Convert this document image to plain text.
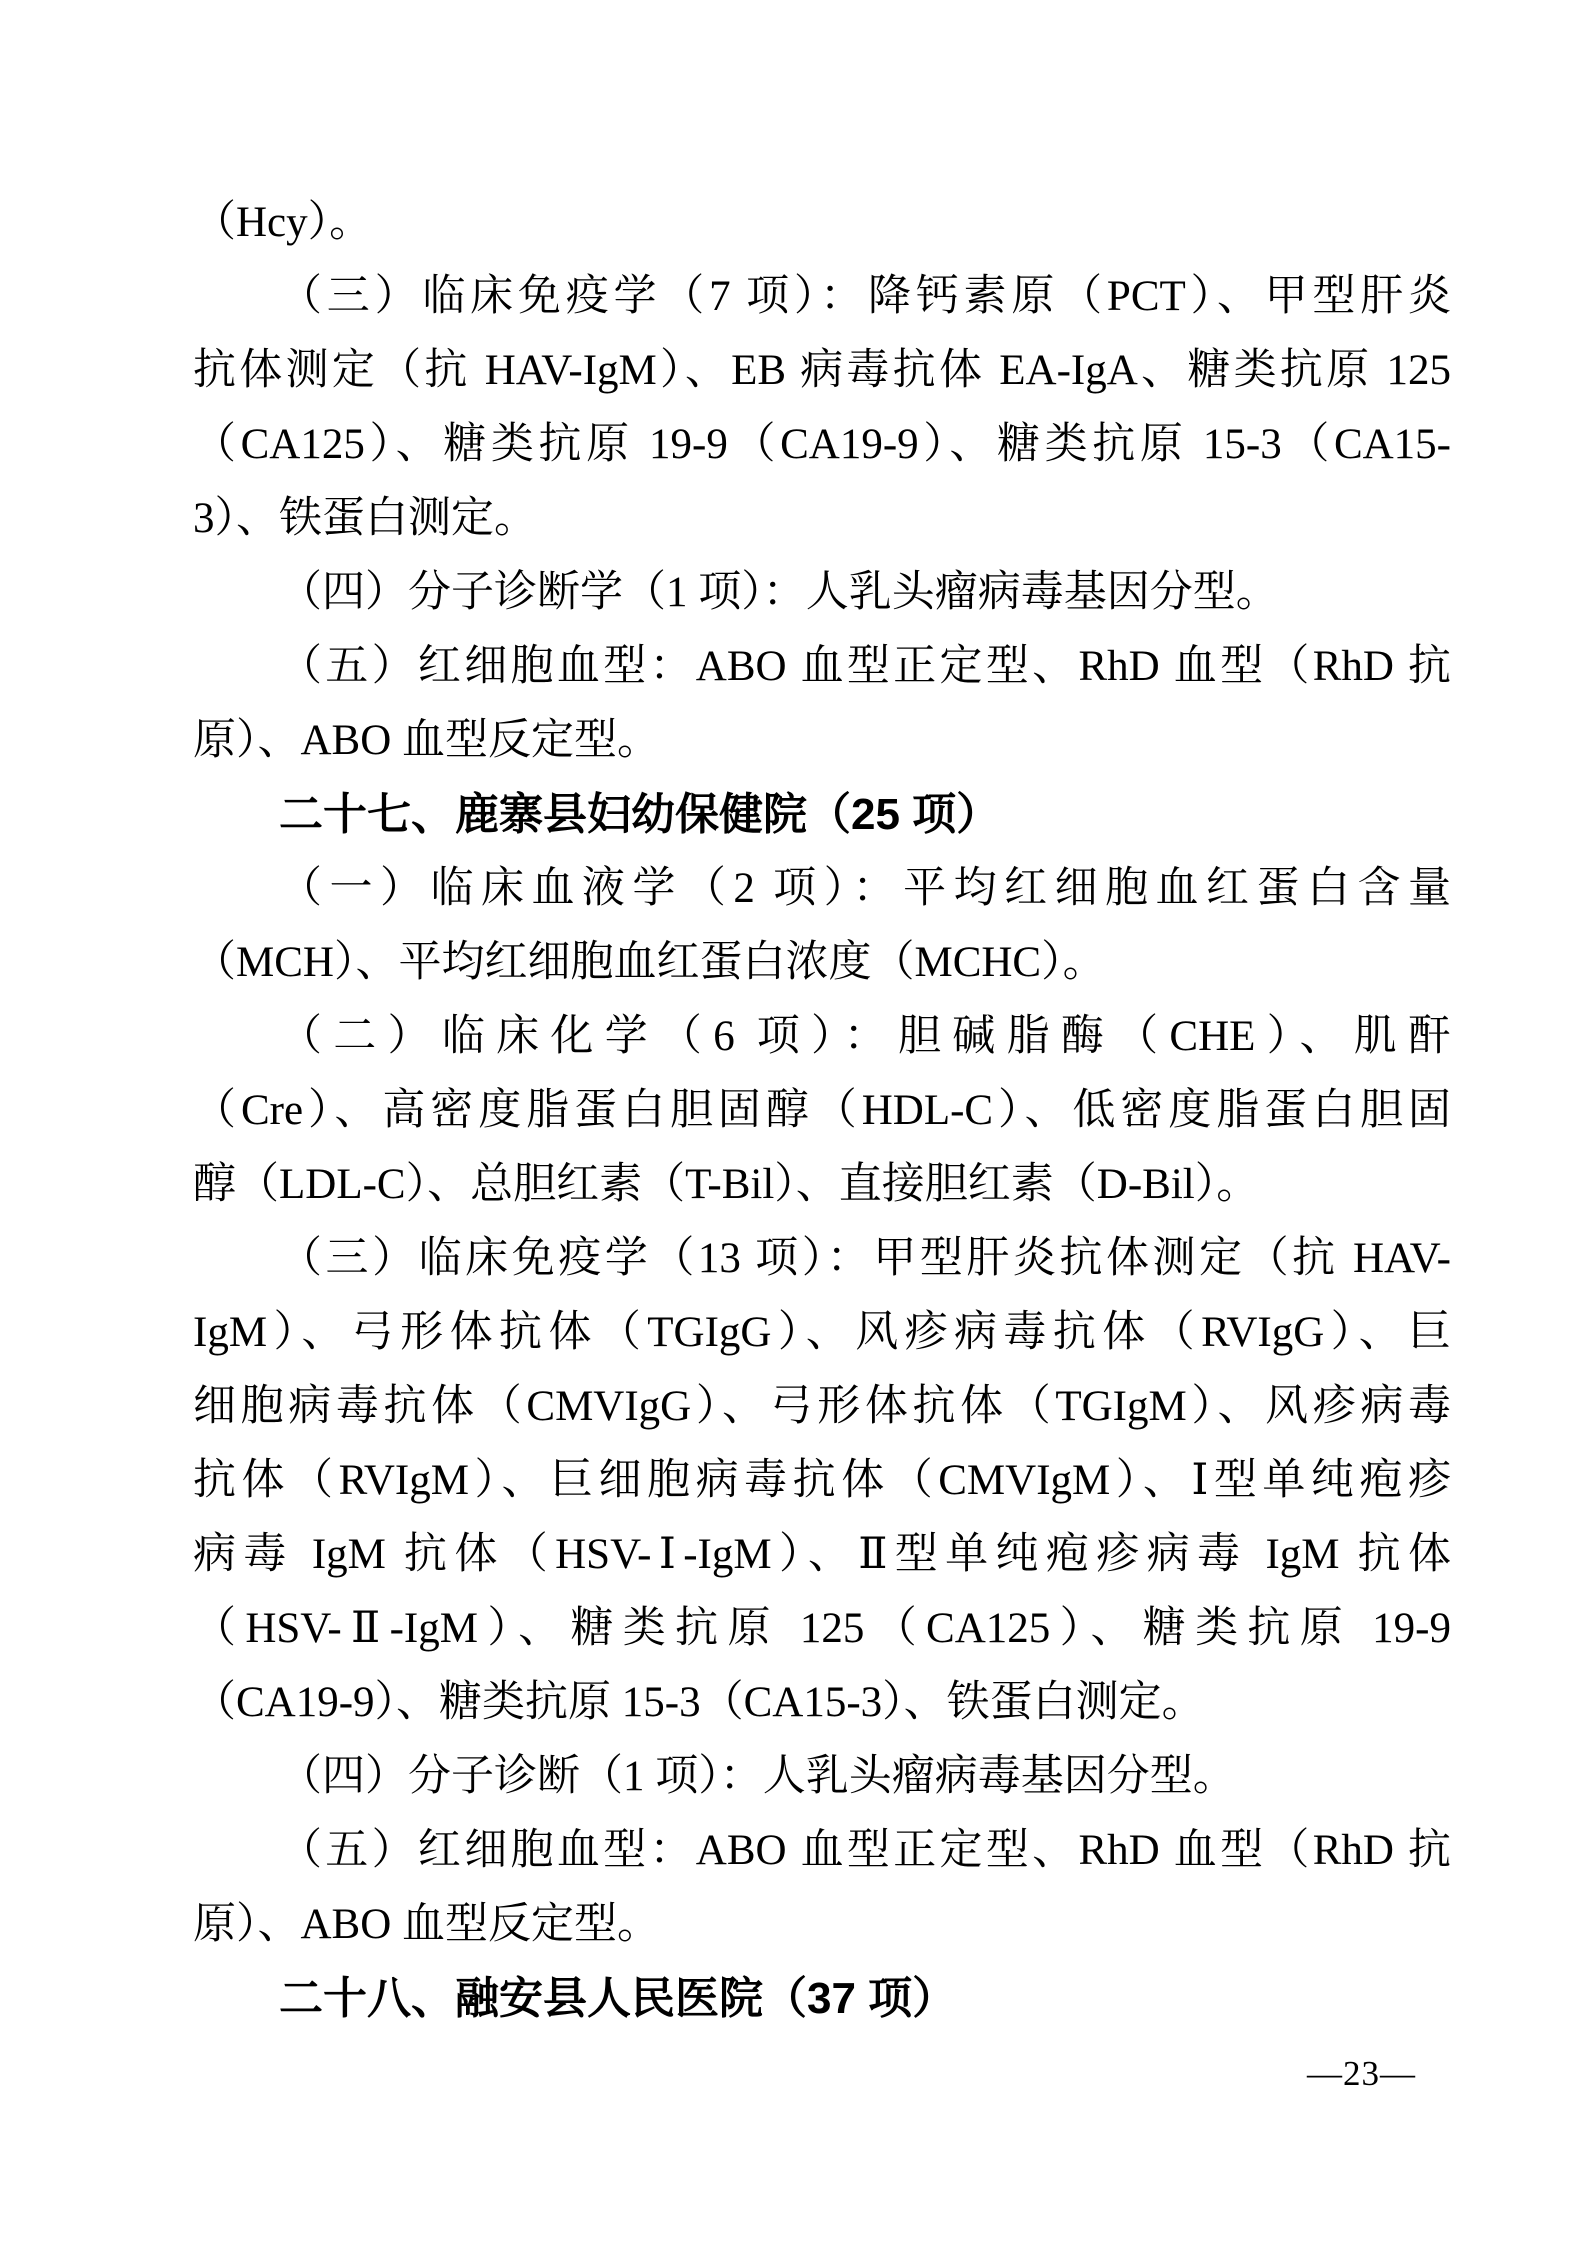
（Hcy）。
（三）临床免疫学（7 项）：降钙素原（PCT）、甲型肝炎
抗体测定（抗 HAV-IgM）、EB 病毒抗体 EA-IgA、糖类抗原 125
（CA125）、糖类抗原 19-9（CA19-9）、糖类抗原 15-3（CA15-
3）、铁蛋白测定。
（四）分子诊断学（1 项）：人乳头瘤病毒基因分型。
（五）红细胞血型：ABO 血型正定型、RhD 血型（RhD 抗
原）、ABO 血型反定型。
二十七、鹿寨县妇幼保健院（25 项）
（一）临床血液学（2 项）：平均红细胞血红蛋白含量
（MCH）、平均红细胞血红蛋白浓度（MCHC）。
（二）临床化学（6 项）：胆碱脂酶（CHE）、肌酐
（Cre）、高密度脂蛋白胆固醇（HDL-C）、低密度脂蛋白胆固
醇（LDL-C）、总胆红素（T-Bil）、直接胆红素（D-Bil）。
（三）临床免疫学（13 项）：甲型肝炎抗体测定（抗 HAV-
IgM）、弓形体抗体（TGIgG）、风疹病毒抗体（RVIgG）、巨
细胞病毒抗体（CMVIgG）、弓形体抗体（TGIgM）、风疹病毒
抗体（RVIgM）、巨细胞病毒抗体（CMVIgM）、Ⅰ型单纯疱疹
病毒 IgM 抗体（HSV-Ⅰ-IgM）、Ⅱ型单纯疱疹病毒 IgM 抗体
（HSV-Ⅱ-IgM）、糖类抗原 125（CA125）、糖类抗原 19-9
（CA19-9）、糖类抗原 15-3（CA15-3）、铁蛋白测定。
（四）分子诊断（1 项）：人乳头瘤病毒基因分型。
（五）红细胞血型：ABO 血型正定型、RhD 血型（RhD 抗
原）、ABO 血型反定型。
二十八、融安县人民医院（37 项）
—23—
